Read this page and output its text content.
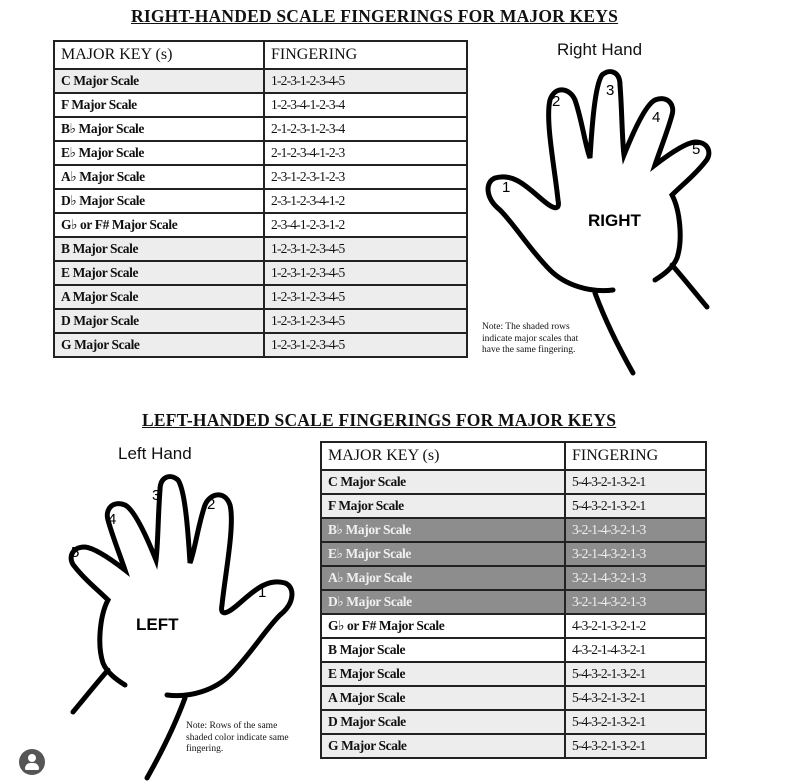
RIGHT-HANDED SCALE FINGERINGS FOR MAJOR KEYS
MAJOR KEY (s)	FINGERING
C Major Scale	1-2-3-1-2-3-4-5
F Major Scale	1-2-3-4-1-2-3-4
B♭ Major Scale	2-1-2-3-1-2-3-4
E♭ Major Scale	2-1-2-3-4-1-2-3
A♭ Major Scale	2-3-1-2-3-1-2-3
D♭ Major Scale	2-3-1-2-3-4-1-2
G♭ or F# Major Scale	2-3-4-1-2-3-1-2
B Major Scale	1-2-3-1-2-3-4-5
E Major Scale	1-2-3-1-2-3-4-5
A Major Scale	1-2-3-1-2-3-4-5
D Major Scale	1-2-3-1-2-3-4-5
G Major Scale	1-2-3-1-2-3-4-5
Right Hand
Note: The shaded rows indicate major scales that have the same fingering.
LEFT-HANDED SCALE FINGERINGS FOR MAJOR KEYS
Left Hand
Note: Rows of the same shaded color indicate same fingering.
MAJOR KEY (s)	FINGERING
C Major Scale	5-4-3-2-1-3-2-1
F Major Scale	5-4-3-2-1-3-2-1
B♭ Major Scale	3-2-1-4-3-2-1-3
E♭ Major Scale	3-2-1-4-3-2-1-3
A♭ Major Scale	3-2-1-4-3-2-1-3
D♭ Major Scale	3-2-1-4-3-2-1-3
G♭ or F# Major Scale	4-3-2-1-3-2-1-2
B Major Scale	4-3-2-1-4-3-2-1
E Major Scale	5-4-3-2-1-3-2-1
A Major Scale	5-4-3-2-1-3-2-1
D Major Scale	5-4-3-2-1-3-2-1
G Major Scale	5-4-3-2-1-3-2-1
1
2
3
4
5
RIGHT
1
2
3
4
5
LEFT
